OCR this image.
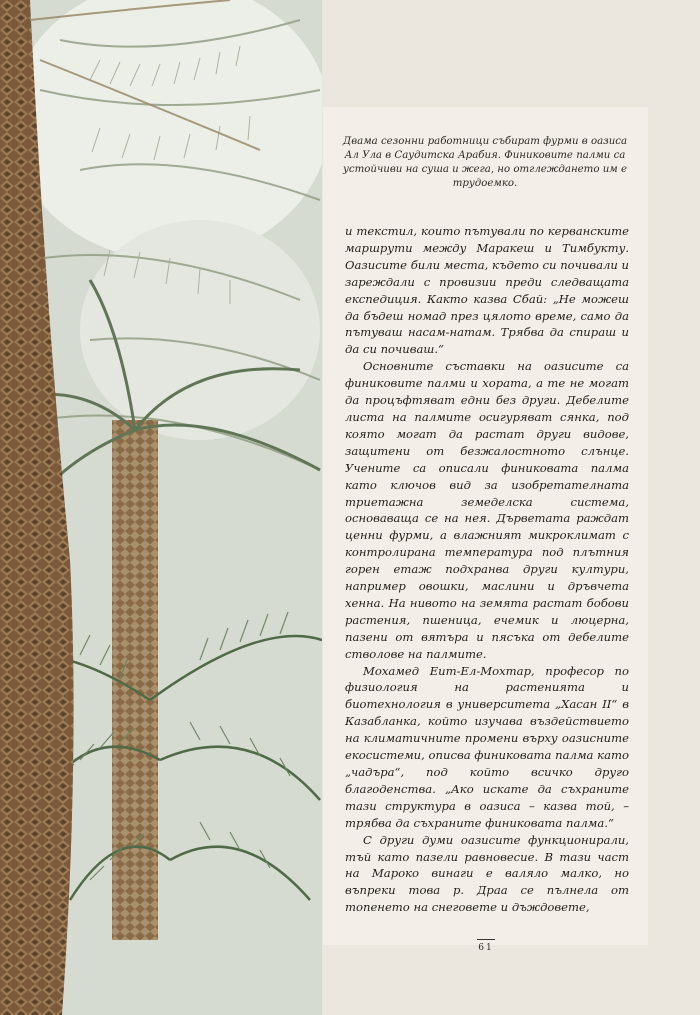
Двама сезонни работници събират фурми в оазиса Ал Ула в Саудитска Арабия. Финиковите палми са устойчиви на суша и жега, но отглеждането им е трудоемко.

и текстил, които пътували по керванските маршрути между Маракеш и Тимбукту. Оазисите били места, където си почивали и зареждали с провизии преди следващата експедиция. Както казва Сбай: „Не можеш да бъдеш номад през цялото време, само да пътуваш насам-натам. Трябва да спираш и да си почиваш.“

Основните съставки на оазисите са финиковите палми и хората, а те не могат да процъфтяват едни без други. Дебелите листа на палмите осигуряват сянка, под която могат да растат други видове, защитени от безжалостното слънце. Учените са описали финиковата палма като ключов вид за изобретателната триетажна земеделска система, основаваща се на нея. Дърветата раждат ценни фурми, а влажният микроклимат с контролирана температура под плътния горен етаж подхранва други култури, например овошки, маслини и дръвчета хенна. На нивото на земята растат бобови растения, пшеница, ечемик и люцерна, пазени от вятъра и пясъка от дебелите стволове на палмите.

Мохамед Еит-Ел-Мохтар, професор по физиология на растенията и биотехнология в университета „Хасан II“ в Казабланка, който изучава въздействието на климатичните промени върху оазисните екосистеми, описва финиковата палма като „чадъра“, под който всичко друго благоденства. „Ако искате да съхраните тази структура в оазиса – казва той, – трябва да съхраните финиковата палма.“

С други думи оазисите функционирали, тъй като пазели равновесие. В тази част на Мароко винаги е валяло малко, но въпреки това р. Драа се пълнела от топенето на снеговете и дъждовете,

61
